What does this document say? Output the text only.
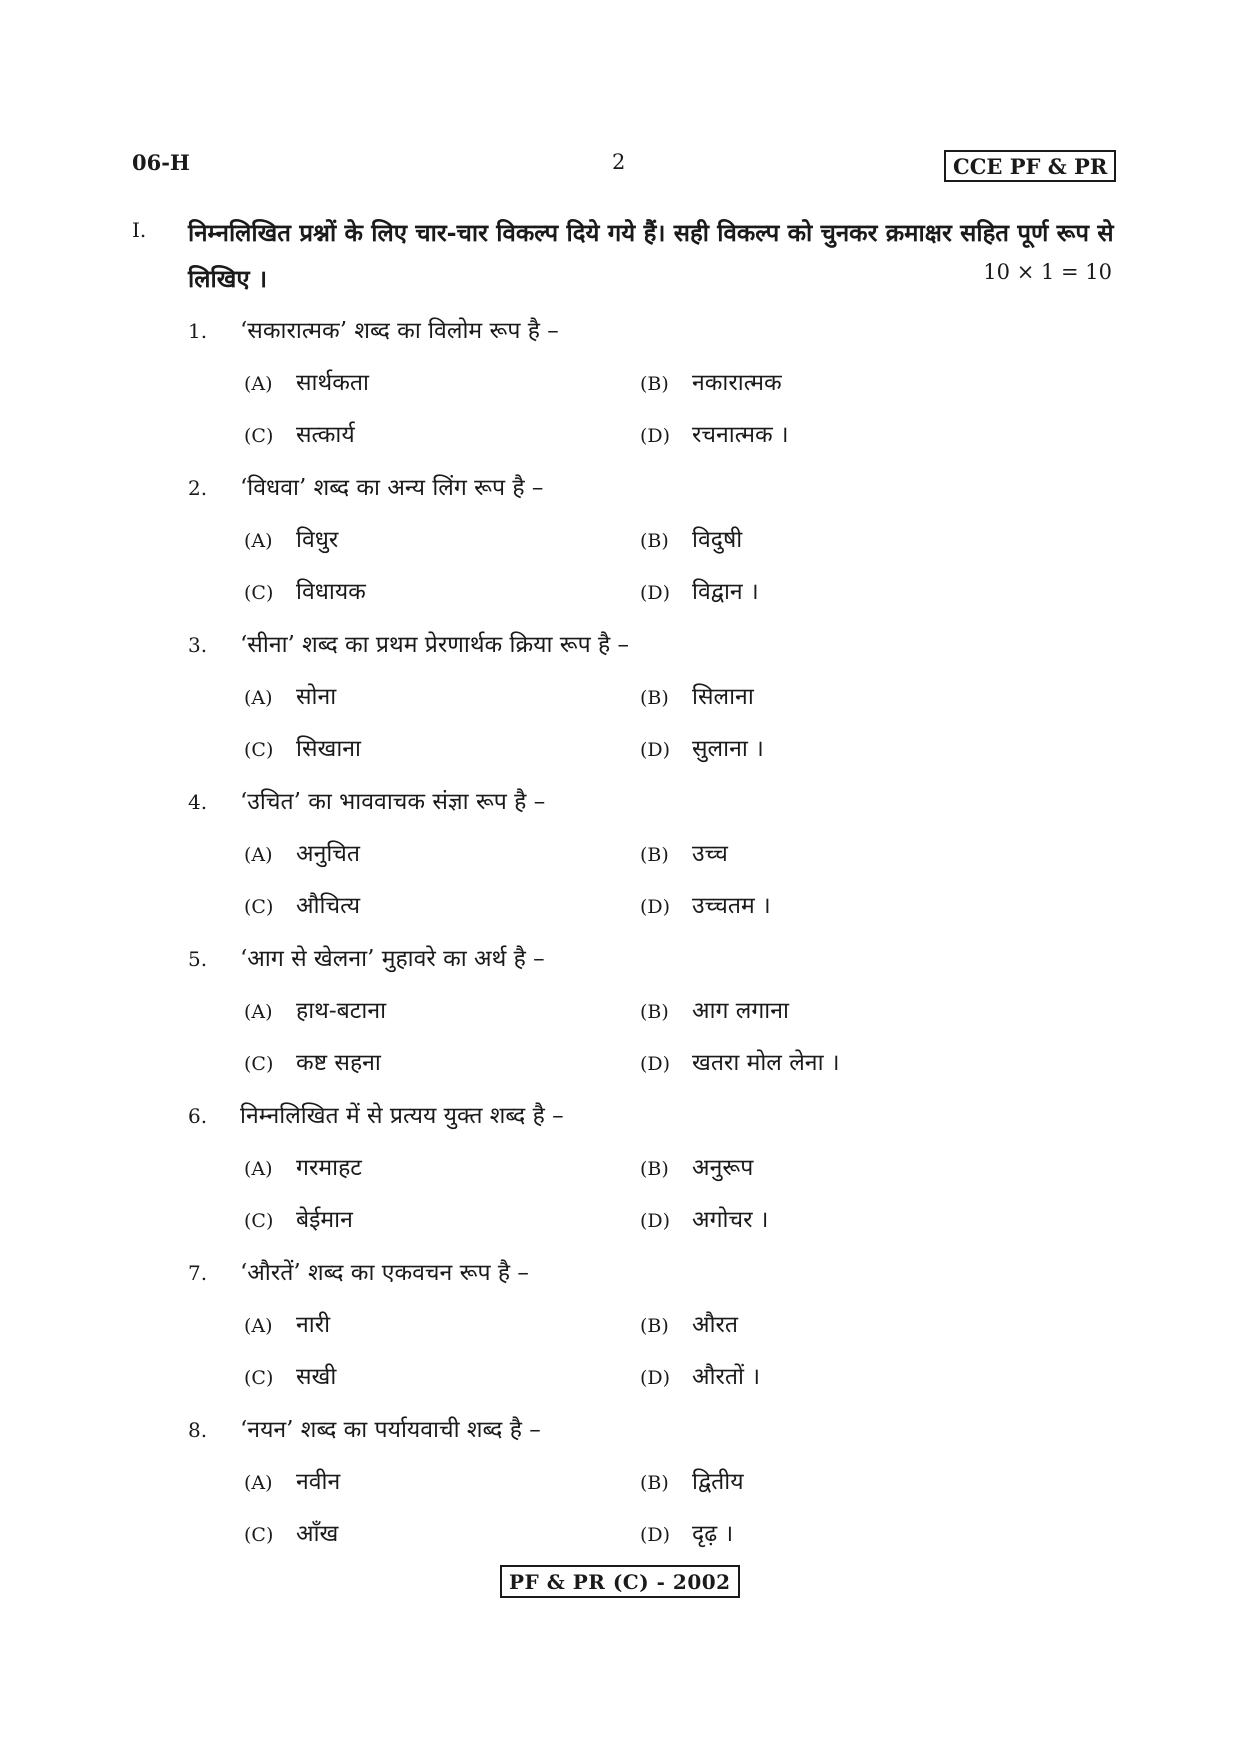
06-H	2	CCE PF & PR
I. निम्नलिखित प्रश्नों के लिए चार-चार विकल्प दिये गये हैं। सही विकल्प को चुनकर क्रमाक्षर सहित पूर्ण रूप से लिखिए ।	10 × 1 = 10
1. ‘सकारात्मक’ शब्द का विलोम रूप है –
(A) सार्थकता	(B) नकारात्मक
(C) सत्कार्य	(D) रचनात्मक ।
2. ‘विधवा’ शब्द का अन्य लिंग रूप है –
(A) विधुर	(B) विदुषी
(C) विधायक	(D) विद्वान ।
3. ‘सीना’ शब्द का प्रथम प्रेरणार्थक क्रिया रूप है –
(A) सोना	(B) सिलाना
(C) सिखाना	(D) सुलाना ।
4. ‘उचित’ का भाववाचक संज्ञा रूप है –
(A) अनुचित	(B) उच्च
(C) औचित्य	(D) उच्चतम ।
5. ‘आग से खेलना’ मुहावरे का अर्थ है –
(A) हाथ-बटाना	(B) आग लगाना
(C) कष्ट सहना	(D) खतरा मोल लेना ।
6. निम्नलिखित में से प्रत्यय युक्त शब्द है –
(A) गरमाहट	(B) अनुरूप
(C) बेईमान	(D) अगोचर ।
7. ‘औरतें’ शब्द का एकवचन रूप है –
(A) नारी	(B) औरत
(C) सखी	(D) औरतों ।
8. ‘नयन’ शब्द का पर्यायवाची शब्द है –
(A) नवीन	(B) द्वितीय
(C) आँख	(D) दृढ़ ।
PF & PR (C) - 2002
